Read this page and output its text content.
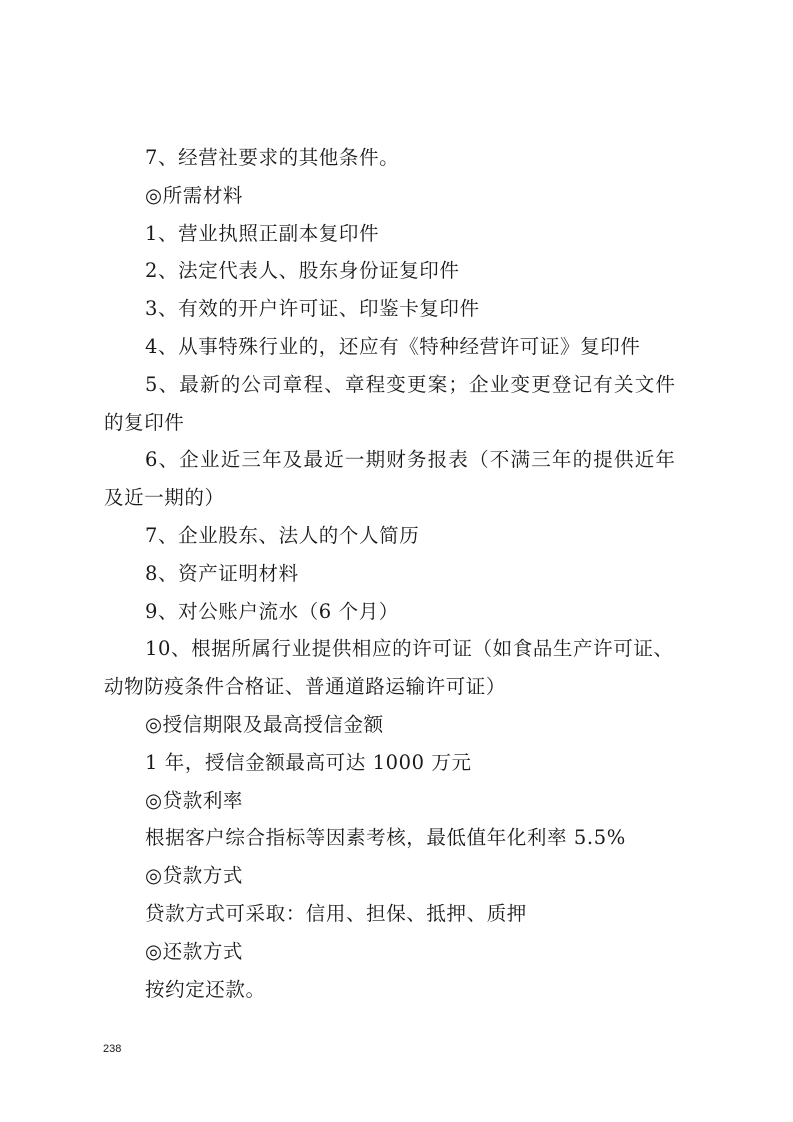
7、经营社要求的其他条件。
◎所需材料
1、营业执照正副本复印件
2、法定代表人、股东身份证复印件
3、有效的开户许可证、印鉴卡复印件
4、从事特殊行业的，还应有《特种经营许可证》复印件
5、最新的公司章程、章程变更案；企业变更登记有关文件
的复印件
6、企业近三年及最近一期财务报表（不满三年的提供近年
及近一期的）
7、企业股东、法人的个人简历
8、资产证明材料
9、对公账户流水（6 个月）
10、根据所属行业提供相应的许可证（如食品生产许可证、
动物防疫条件合格证、普通道路运输许可证）
◎授信期限及最高授信金额
1 年，授信金额最高可达 1000 万元
◎贷款利率
根据客户综合指标等因素考核，最低值年化利率 5.5%
◎贷款方式
贷款方式可采取：信用、担保、抵押、质押
◎还款方式
按约定还款。
238
